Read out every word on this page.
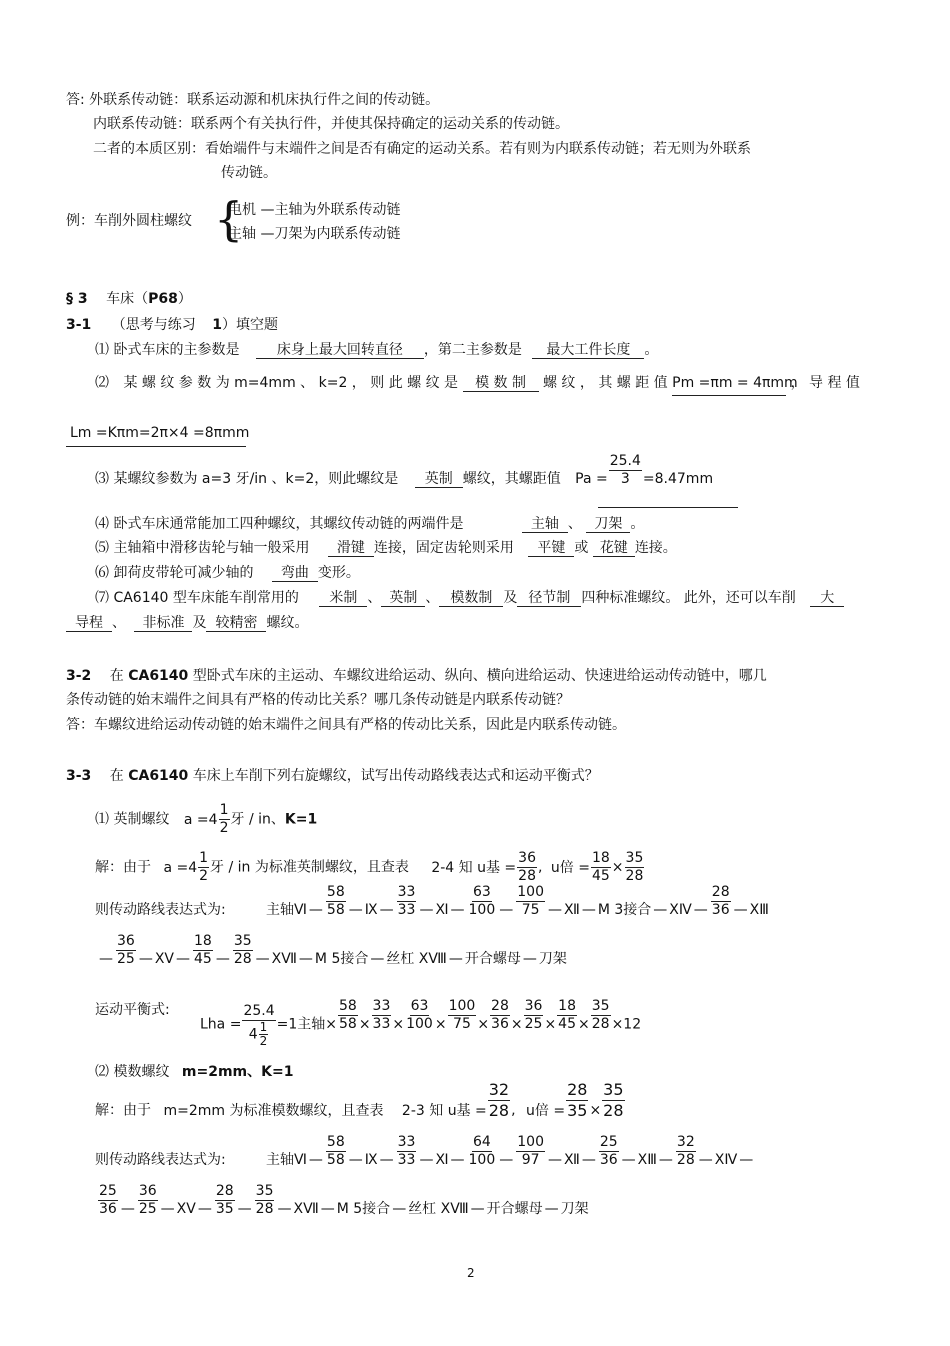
答: 外联系传动链：联系运动源和机床执行件之间的传动链。
内联系传动链：联系两个有关执行件，并使其保持确定的运动关系的传动链。
二者的本质区别：看始端件与末端件之间是否有确定的运动关系。若有则为内联系传动链；若无则为外联系
传动链。
例：车削外圆柱螺纹 {
电机 —主轴为外联系传动链
主轴 —刀架为内联系传动链
§ 3 车床（P68）
3-1 （思考与练习 1）填空题
⑴ 卧式车床的主参数是	床身上最大回转直径 ，第二主参数是 最大工件长度 。
⑵ 某 螺 纹 参 数 为 m=4mm 、 k=2 ， 则 此 螺 纹 是 模 数 制 螺 纹 ， 其 螺 距 值 Pm =πm = 4πmm ， 导 程 值
Lm =Kπm=2π×4 =8πmm
⑶ 某螺纹参数为 a=3 牙/in 、k=2，则此螺纹是 英制 螺纹，其螺距值 $Pa = \frac{25.4}{3} =8.47mm$
⑷ 卧式车床通常能加工四种螺纹，其螺纹传动链的两端件是	主轴 、 刀架 。
⑸ 主轴箱中滑移齿轮与轴一般采用 滑键 连接，固定齿轮则采用 平键 或 花键 连接。
⑹ 卸荷皮带轮可减少轴的 弯曲 变形。
⑺ CA6140 型车床能车削常用的 米制 、 英制 、 模数制 及 径节制 四种标准螺纹。 此外，还可以车削 大
导程 、 非标准 及 较精密 螺纹。
3-2 在 CA6140 型卧式车床的主运动、车螺纹进给运动、纵向、横向进给运动、快速进给运动传动链中，哪几
条传动链的始末端件之间具有严格的传动比关系？哪几条传动链是内联系传动链？
答：车螺纹进给运动传动链的始末端件之间具有严格的传动比关系，因此是内联系传动链。
3-3 在 CA6140 车床上车削下列右旋螺纹，试写出传动路线表达式和运动平衡式？
⑴ 英制螺纹 $a =4 \frac{1}{2}$ 牙 / in、K=1
解：由于 $a =4 \frac{1}{2}$ 牙 / in 为标准英制螺纹，且查表 2-4 知 u基 = $\frac{36}{28}$ , u倍 = $\frac{18}{45} \times \frac{35}{28}$
则传动路线表达式为:	主轴Ⅵ — $\frac{58}{58}$ — Ⅸ — $\frac{33}{33}$ — Ⅺ — $\frac{63}{100}$ — $\frac{100}{75}$ — Ⅻ — M 3接合 — XⅣ — $\frac{28}{36}$ — XⅢ
— $\frac{36}{25}$ — XⅤ — $\frac{18}{45}$ — $\frac{35}{28}$ — XⅦ — M 5接合 — 丝杠 XⅧ — 开合螺母 — 刀架
运动平衡式:
Lha = $\frac{25.4}{4 \frac{1}{2}} =1$主轴× $\frac{58}{58} \times \frac{33}{33} \times \frac{63}{100} \times \frac{100}{75} \times \frac{28}{36} \times \frac{36}{25} \times \frac{18}{45} \times \frac{35}{28} \times 12$
⑵ 模数螺纹 m=2mm、K=1
解：由于 m=2mm 为标准模数螺纹，且查表 2-3 知 u基 = $\frac{32}{28}$ , u倍 = $\frac{28}{35} \times \frac{35}{28}$
则传动路线表达式为:	主轴Ⅵ — $\frac{58}{58}$ — Ⅸ — $\frac{33}{33}$ — Ⅺ — $\frac{64}{100}$ — $\frac{100}{97}$ — Ⅻ — $\frac{25}{36}$ — XⅢ — $\frac{32}{28}$ — XⅣ —
$\frac{25}{36}$ — $\frac{36}{25}$ — XⅤ — $\frac{28}{35}$ — $\frac{35}{28}$ — XⅦ — M 5接合 — 丝杠 XⅧ — 开合螺母 — 刀架
2
